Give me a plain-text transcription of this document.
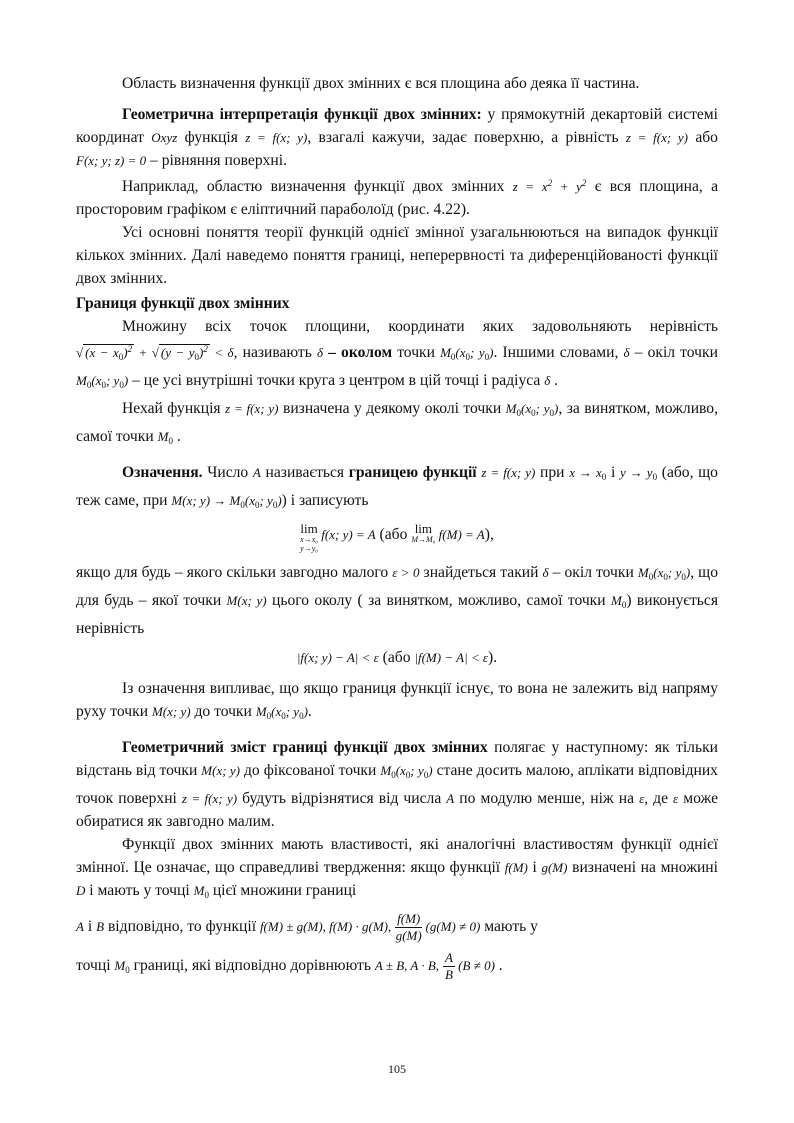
Область визначення функції двох змінних є вся площина або деяка її частина.

Геометрична інтерпретація функції двох змінних: у прямокутній декартовій системі координат Oxyz функція z = f(x; y), взагалі кажучи, задає поверхню, а рівність z = f(x; y) або F(x; y; z) = 0 – рівняння поверхні.

Наприклад, областю визначення функції двох змінних $z = x^2 + y^2$ є вся площина, а просторовим графіком є еліптичний параболоїд (рис. 4.22).

Усі основні поняття теорії функцій однієї змінної узагальнюються на випадок функції кількох змінних. Далі наведемо поняття границі, неперервності та диференційованості функції двох змінних.

Границя функції двох змінних

Множину всіх точок площини, координати яких задовольняють нерівність √ $(x - x_0)^2$ + √ $(y - y_0)^2 < \delta$, називають δ – околом точки $M_0(x_0$; $y_0$). Іншими словами, δ – окіл точки $M_0(x_0$; $y_0$) – це усі внутрішні точки круга з центром в цій точці і радіуса δ .

Нехай функція z = f(x; y) визначена у деякому околі точки $M_0(x_0$; $y_0$), за винятком, можливо, самої точки $M_0$ .

Означення. Число A називається границею функції z = f(x; y) при $x \to x_0$ і $y \to y_0$ (або, що теж саме, при M(x; $y) \to M_0(x_0$; $y_0$)) і записують

lim
x→x₀
y→y₀
f(x; y) = A (або lim
M→M₀ f(M) = A),

якщо для будь – якого скільки завгодно малого ε > 0 знайдеться такий δ – окіл точки $M_0(x_0$; $y_0$), що для будь – якої точки M(x; y) цього околу ( за винятком, можливо, самої точки $M_0$) виконується нерівність

|f(x; y) − A| < ε (або |f(M) − A| < ε).

Із означення випливає, що якщо границя функції існує, то вона не залежить від напряму руху точки M(x; y) до точки $M_0(x_0$; $y_0$).

Геометричний зміст границі функції двох змінних полягає у наступному: як тільки відстань від точки M(x; y) до фіксованої точки $M_0(x_0$; $y_0$) стане досить малою, аплікати відповідних точок поверхні z = f(x; y) будуть відрізнятися від числа A по модулю менше, ніж на ε, де ε може обиратися як завгодно малим.

Функції двох змінних мають властивості, які аналогічні властивостям функції однієї змінної. Це означає, що справедливі твердження: якщо функції f(M) і g(M) визначені на множині D і мають у точці $M_0$ цієї множини границі

A і B відповідно, то функції f(M) ± g(M), f(M) · g(M), $\frac{f(M)}{g(M)} (g(M) \ne 0)$ мають у

точці $M_0$ границі, які відповідно дорівнюють A ± B, A · B, $\frac{A}{B} (B \ne 0)$ .

105
